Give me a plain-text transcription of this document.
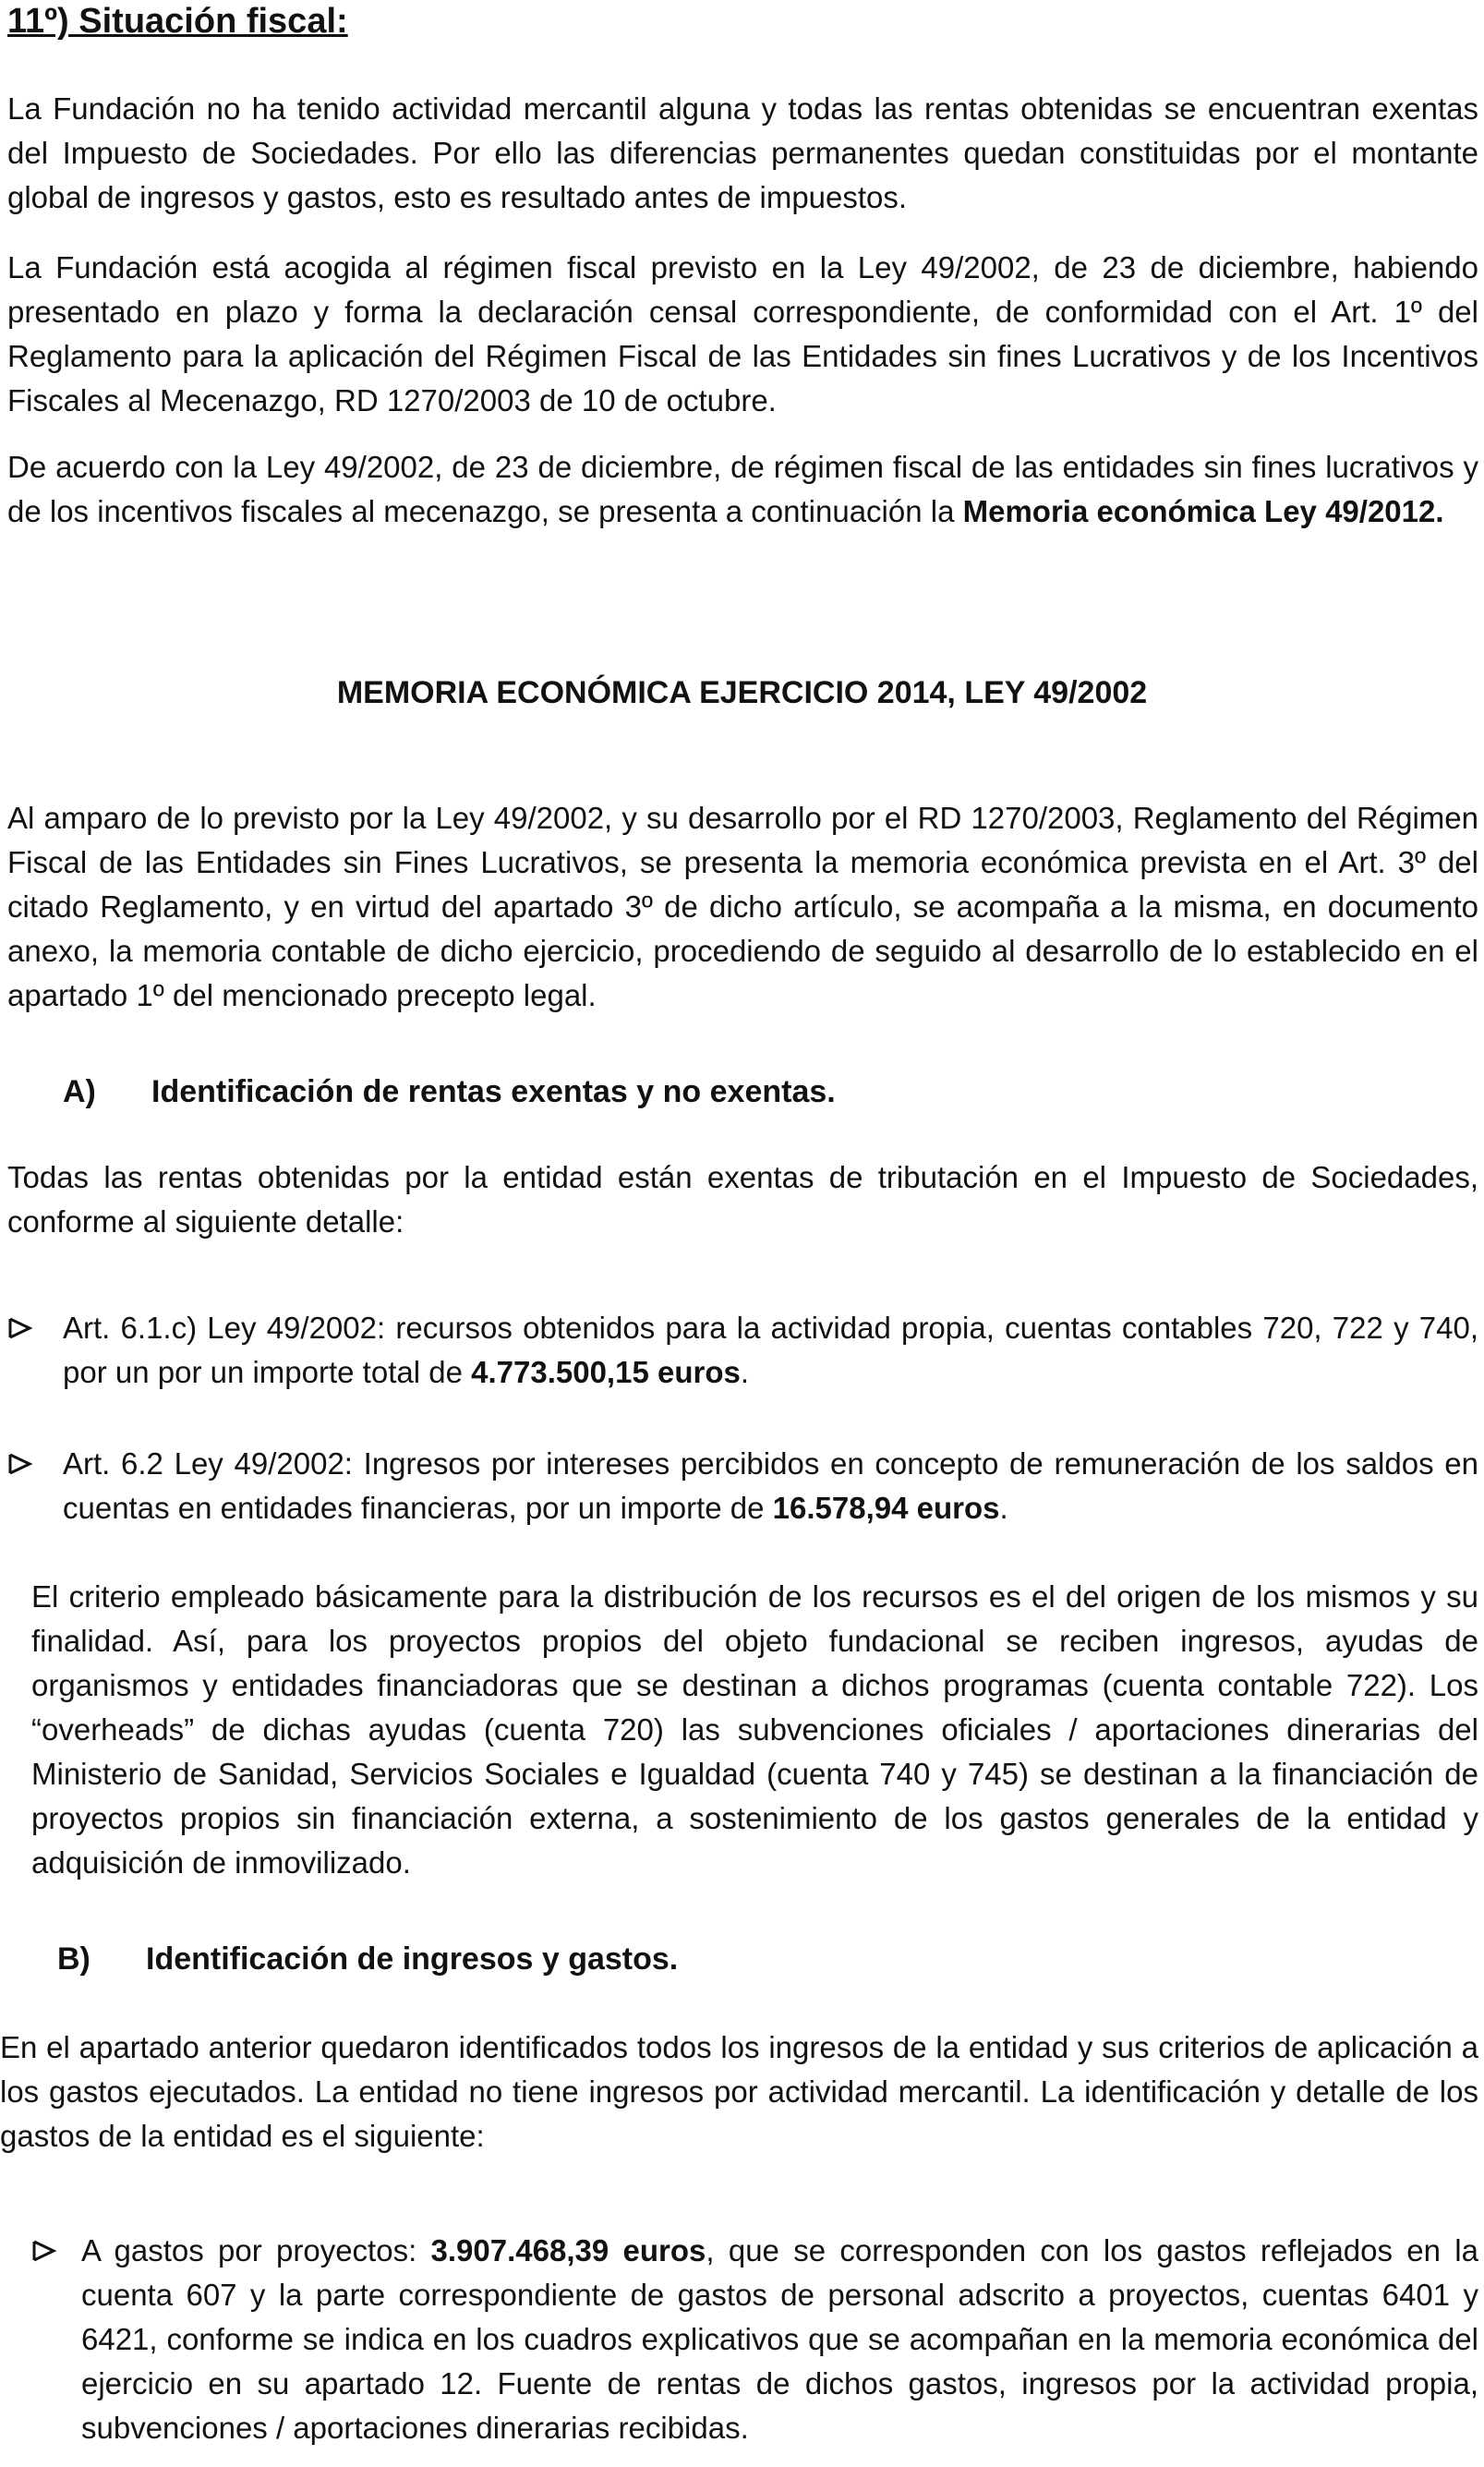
11º) Situación fiscal:

La Fundación no ha tenido actividad mercantil alguna y todas las rentas obtenidas se encuentran exentas del Impuesto de Sociedades. Por ello las diferencias permanentes quedan constituidas por el montante global de ingresos y gastos, esto es resultado antes de impuestos.

La Fundación está acogida al régimen fiscal previsto en la Ley 49/2002, de 23 de diciembre, habiendo presentado en plazo y forma la declaración censal correspondiente, de conformidad con el Art. 1º del Reglamento para la aplicación del Régimen Fiscal de las Entidades sin fines Lucrativos y de los Incentivos Fiscales al Mecenazgo, RD 1270/2003 de 10 de octubre.

De acuerdo con la Ley 49/2002, de 23 de diciembre, de régimen fiscal de las entidades sin fines lucrativos y de los incentivos fiscales al mecenazgo, se presenta a continuación la Memoria económica Ley 49/2012.

MEMORIA ECONÓMICA EJERCICIO 2014, LEY 49/2002

Al amparo de lo previsto por la Ley 49/2002, y su desarrollo por el RD 1270/2003, Reglamento del Régimen Fiscal de las Entidades sin Fines Lucrativos, se presenta la memoria económica prevista en el Art. 3º del citado Reglamento, y en virtud del apartado 3º de dicho artículo, se acompaña a la misma, en documento anexo, la memoria contable de dicho ejercicio, procediendo de seguido al desarrollo de lo establecido en el apartado 1º del mencionado precepto legal.

A) Identificación de rentas exentas y no exentas.

Todas las rentas obtenidas por la entidad están exentas de tributación en el Impuesto de Sociedades, conforme al siguiente detalle:

Art. 6.1.c) Ley 49/2002: recursos obtenidos para la actividad propia, cuentas contables 720, 722 y 740, por un por un importe total de 4.773.500,15 euros.

Art. 6.2 Ley 49/2002: Ingresos por intereses percibidos en concepto de remuneración de los saldos en cuentas en entidades financieras, por un importe de 16.578,94 euros.

El criterio empleado básicamente para la distribución de los recursos es el del origen de los mismos y su finalidad. Así, para los proyectos propios del objeto fundacional se reciben ingresos, ayudas de organismos y entidades financiadoras que se destinan a dichos programas (cuenta contable 722). Los “overheads” de dichas ayudas (cuenta 720) las subvenciones oficiales / aportaciones dinerarias del Ministerio de Sanidad, Servicios Sociales e Igualdad (cuenta 740 y 745) se destinan a la financiación de proyectos propios sin financiación externa, a sostenimiento de los gastos generales de la entidad y adquisición de inmovilizado.

B) Identificación de ingresos y gastos.

En el apartado anterior quedaron identificados todos los ingresos de la entidad y sus criterios de aplicación a los gastos ejecutados. La entidad no tiene ingresos por actividad mercantil. La identificación y detalle de los gastos de la entidad es el siguiente:

A gastos por proyectos: 3.907.468,39 euros, que se corresponden con los gastos reflejados en la cuenta 607 y la parte correspondiente de gastos de personal adscrito a proyectos, cuentas 6401 y 6421, conforme se indica en los cuadros explicativos que se acompañan en la memoria económica del ejercicio en su apartado 12. Fuente de rentas de dichos gastos, ingresos por la actividad propia, subvenciones / aportaciones dinerarias recibidas.
